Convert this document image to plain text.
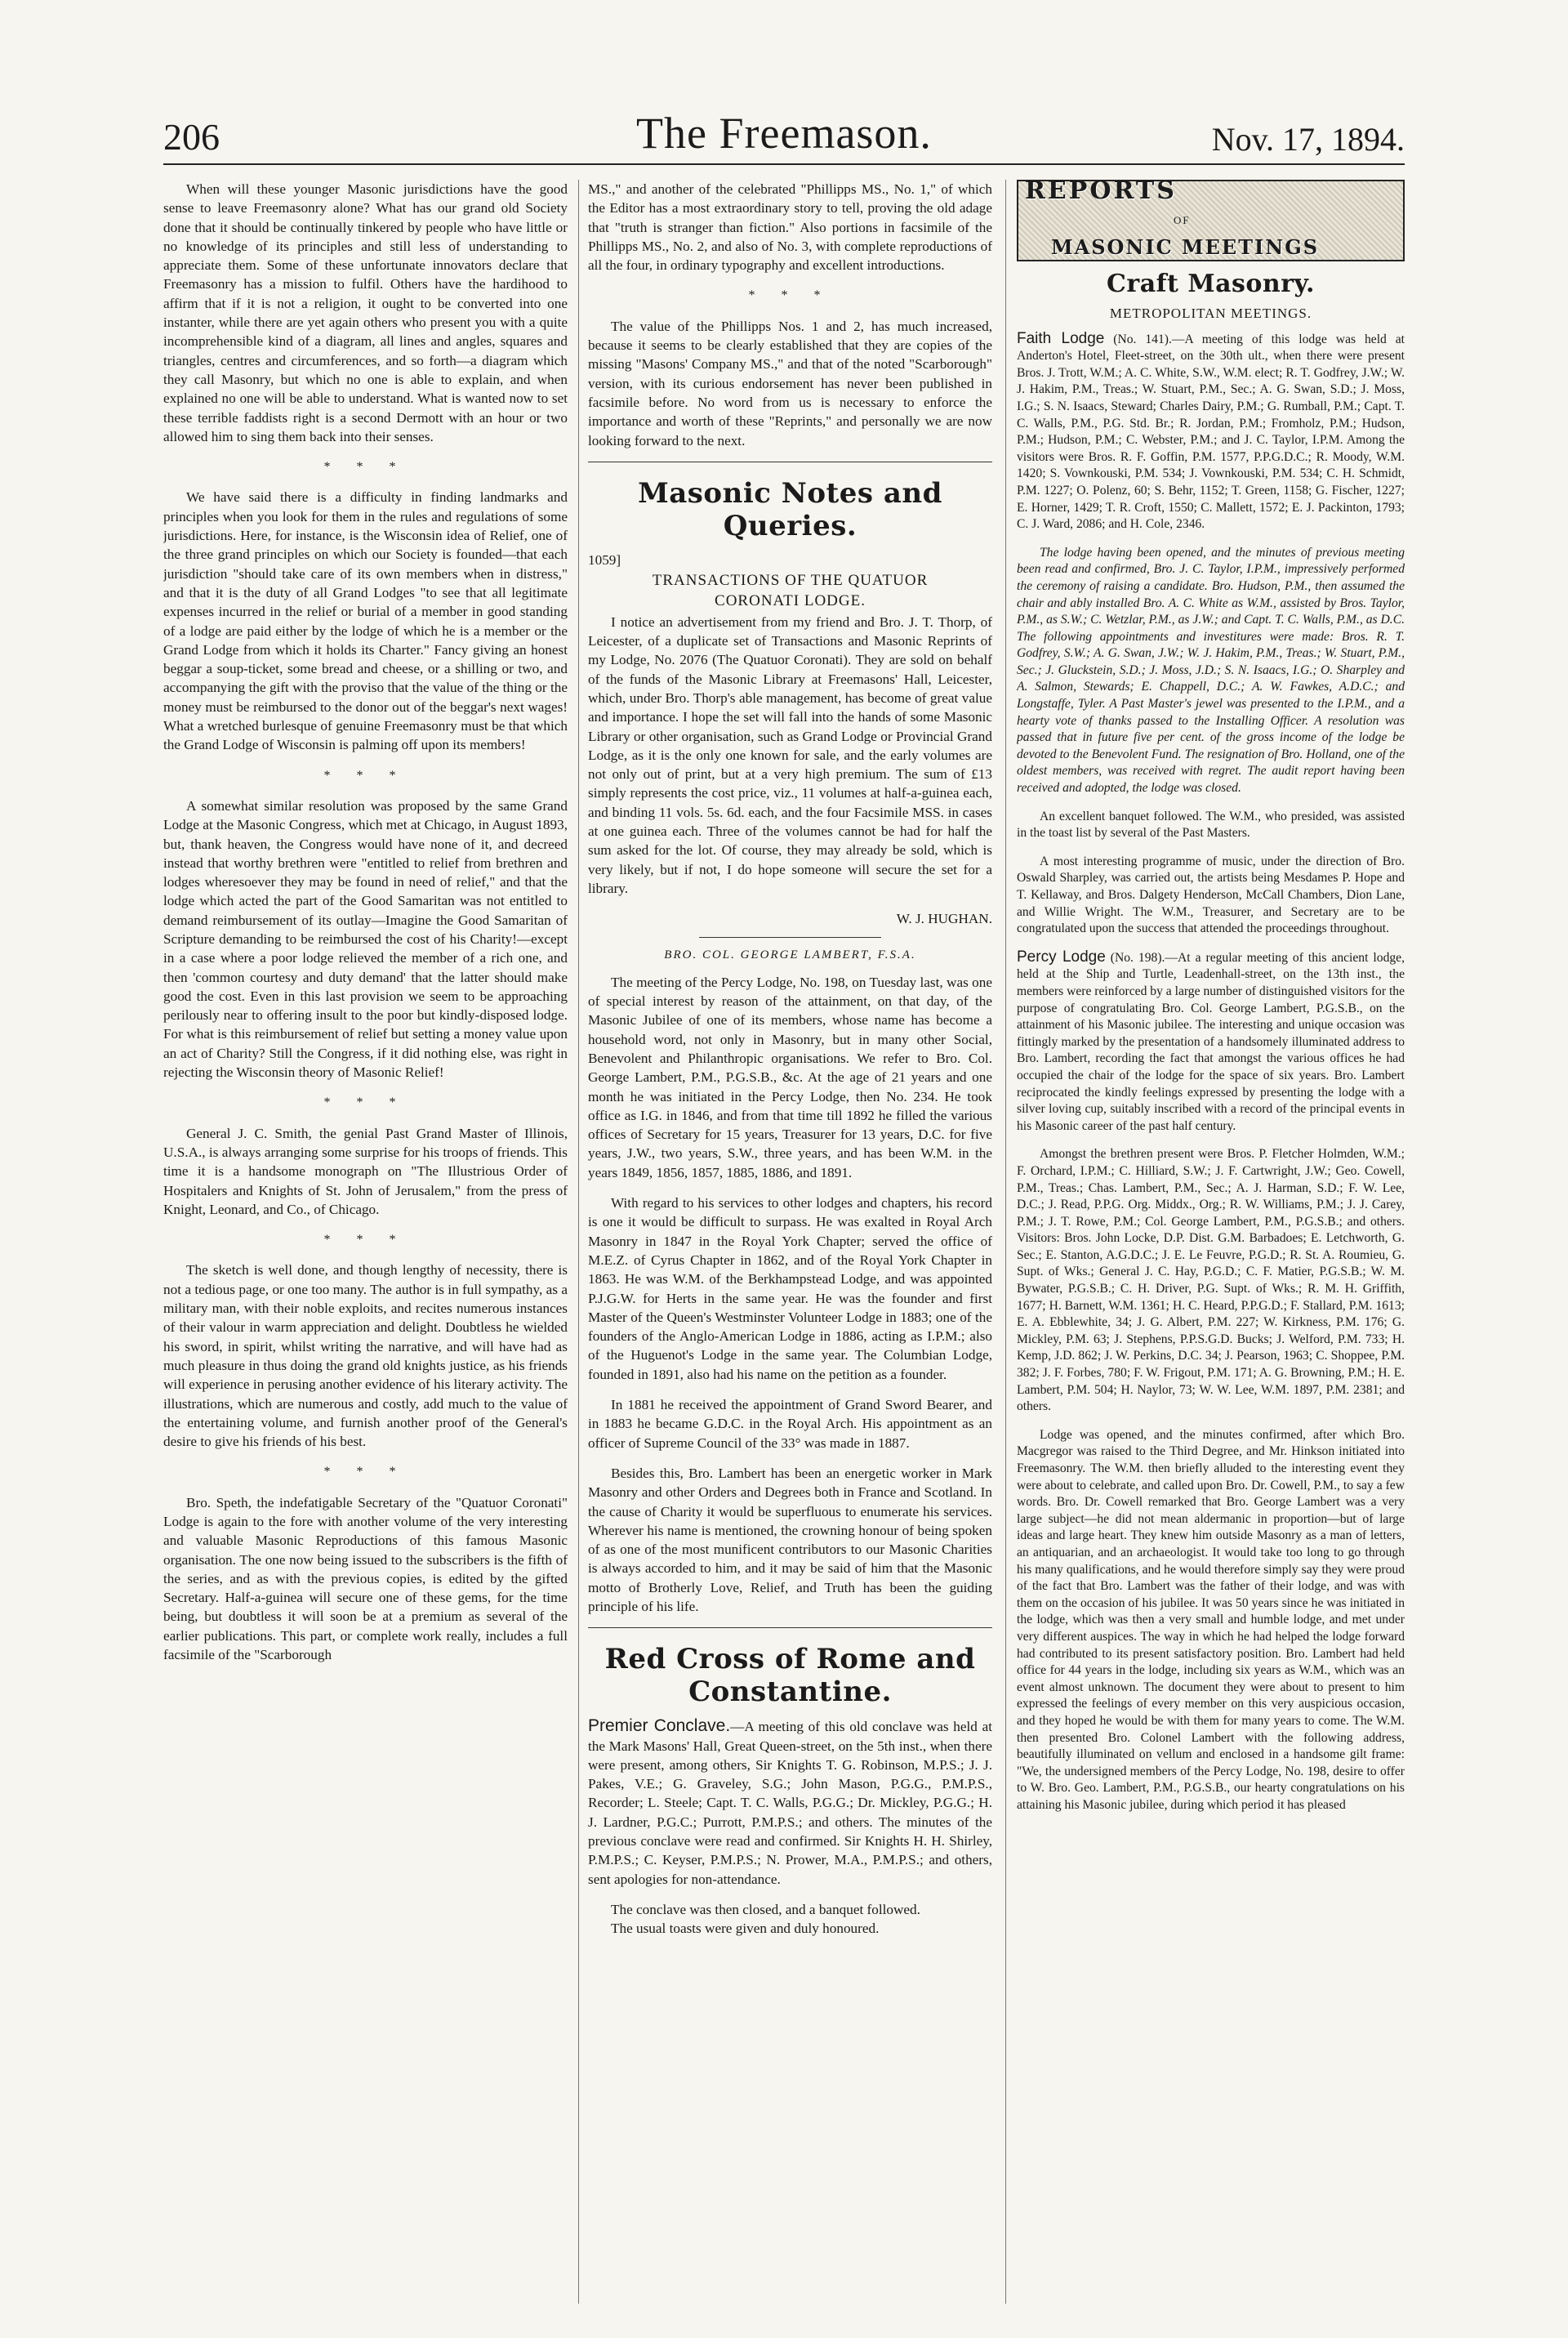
206	The Freemason.	Nov. 17, 1894.

When will these younger Masonic jurisdictions have the good sense to leave Freemasonry alone? What has our grand old Society done that it should be continually tinkered by people who have little or no knowledge of its principles and still less of understanding to appreciate them. Some of these unfortunate innovators declare that Freemasonry has a mission to fulfil. Others have the hardihood to affirm that if it is not a religion, it ought to be converted into one instanter, while there are yet again others who present you with a quite incomprehensible kind of a diagram, all lines and angles, squares and triangles, centres and circumferences, and so forth—a diagram which they call Masonry, but which no one is able to explain, and when explained no one will be able to understand. What is wanted now to set these terrible faddists right is a second Dermott with an hour or two allowed him to sing them back into their senses.

* * *

We have said there is a difficulty in finding landmarks and principles when you look for them in the rules and regulations of some jurisdictions. Here, for instance, is the Wisconsin idea of Relief, one of the three grand principles on which our Society is founded—that each jurisdiction "should take care of its own members when in distress," and that it is the duty of all Grand Lodges "to see that all legitimate expenses incurred in the relief or burial of a member in good standing of a lodge are paid either by the lodge of which he is a member or the Grand Lodge from which it holds its Charter." Fancy giving an honest beggar a soup-ticket, some bread and cheese, or a shilling or two, and accompanying the gift with the proviso that the value of the thing or the money must be reimbursed to the donor out of the beggar's next wages! What a wretched burlesque of genuine Freemasonry must be that which the Grand Lodge of Wisconsin is palming off upon its members!

* * *

A somewhat similar resolution was proposed by the same Grand Lodge at the Masonic Congress, which met at Chicago, in August 1893, but, thank heaven, the Congress would have none of it, and decreed instead that worthy brethren were "entitled to relief from brethren and lodges wheresoever they may be found in need of relief," and that the lodge which acted the part of the Good Samaritan was not entitled to demand reimbursement of its outlay—Imagine the Good Samaritan of Scripture demanding to be reimbursed the cost of his Charity!—except in a case where a poor lodge relieved the member of a rich one, and then 'common courtesy and duty demand' that the latter should make good the cost. Even in this last provision we seem to be approaching perilously near to offering insult to the poor but kindly-disposed lodge. For what is this reimbursement of relief but setting a money value upon an act of Charity? Still the Congress, if it did nothing else, was right in rejecting the Wisconsin theory of Masonic Relief!

* * *

General J. C. Smith, the genial Past Grand Master of Illinois, U.S.A., is always arranging some surprise for his troops of friends. This time it is a handsome monograph on "The Illustrious Order of Hospitalers and Knights of St. John of Jerusalem," from the press of Knight, Leonard, and Co., of Chicago.

* * *

The sketch is well done, and though lengthy of necessity, there is not a tedious page, or one too many. The author is in full sympathy, as a military man, with their noble exploits, and recites numerous instances of their valour in warm appreciation and delight. Doubtless he wielded his sword, in spirit, whilst writing the narrative, and will have had as much pleasure in thus doing the grand old knights justice, as his friends will experience in perusing another evidence of his literary activity. The illustrations, which are numerous and costly, add much to the value of the entertaining volume, and furnish another proof of the General's desire to give his friends of his best.

* * *

Bro. Speth, the indefatigable Secretary of the "Quatuor Coronati" Lodge is again to the fore with another volume of the very interesting and valuable Masonic Reproductions of this famous Masonic organisation. The one now being issued to the subscribers is the fifth of the series, and as with the previous copies, is edited by the gifted Secretary. Half-a-guinea will secure one of these gems, for the time being, but doubtless it will soon be at a premium as several of the earlier publications. This part, or complete work really, includes a full facsimile of the "Scarborough

MS.," and another of the celebrated "Phillipps MS., No. 1," of which the Editor has a most extraordinary story to tell, proving the old adage that "truth is stranger than fiction." Also portions in facsimile of the Phillipps MS., No. 2, and also of No. 3, with complete reproductions of all the four, in ordinary typography and excellent introductions.

* * *

The value of the Phillipps Nos. 1 and 2, has much increased, because it seems to be clearly established that they are copies of the missing "Masons' Company MS.," and that of the noted "Scarborough" version, with its curious endorsement has never been published in facsimile before. No word from us is necessary to enforce the importance and worth of these "Reprints," and personally we are now looking forward to the next.

Masonic Notes and Queries.
1059]
TRANSACTIONS OF THE QUATUOR
CORONATI LODGE.

I notice an advertisement from my friend and Bro. J. T. Thorp, of Leicester, of a duplicate set of Transactions and Masonic Reprints of my Lodge, No. 2076 (The Quatuor Coronati). They are sold on behalf of the funds of the Masonic Library at Freemasons' Hall, Leicester, which, under Bro. Thorp's able management, has become of great value and importance. I hope the set will fall into the hands of some Masonic Library or other organisation, such as Grand Lodge or Provincial Grand Lodge, as it is the only one known for sale, and the early volumes are not only out of print, but at a very high premium. The sum of £13 simply represents the cost price, viz., 11 volumes at half-a-guinea each, and binding 11 vols. 5s. 6d. each, and the four Facsimile MSS. in cases at one guinea each. Three of the volumes cannot be had for half the sum asked for the lot. Of course, they may already be sold, which is very likely, but if not, I do hope someone will secure the set for a library.

W. J. HUGHAN.
BRO. COL. GEORGE LAMBERT, F.S.A.

The meeting of the Percy Lodge, No. 198, on Tuesday last, was one of special interest by reason of the attainment, on that day, of the Masonic Jubilee of one of its members, whose name has become a household word, not only in Masonry, but in many other Social, Benevolent and Philanthropic organisations. We refer to Bro. Col. George Lambert, P.M., P.G.S.B., &c. At the age of 21 years and one month he was initiated in the Percy Lodge, then No. 234. He took office as I.G. in 1846, and from that time till 1892 he filled the various offices of Secretary for 15 years, Treasurer for 13 years, D.C. for five years, J.W., two years, S.W., three years, and has been W.M. in the years 1849, 1856, 1857, 1885, 1886, and 1891.

With regard to his services to other lodges and chapters, his record is one it would be difficult to surpass. He was exalted in Royal Arch Masonry in 1847 in the Royal York Chapter; served the office of M.E.Z. of Cyrus Chapter in 1862, and of the Royal York Chapter in 1863. He was W.M. of the Berkhampstead Lodge, and was appointed P.J.G.W. for Herts in the same year. He was the founder and first Master of the Queen's Westminster Volunteer Lodge in 1883; one of the founders of the Anglo-American Lodge in 1886, acting as I.P.M.; also of the Huguenot's Lodge in the same year. The Columbian Lodge, founded in 1891, also had his name on the petition as a founder.

In 1881 he received the appointment of Grand Sword Bearer, and in 1883 he became G.D.C. in the Royal Arch. His appointment as an officer of Supreme Council of the 33° was made in 1887.

Besides this, Bro. Lambert has been an energetic worker in Mark Masonry and other Orders and Degrees both in France and Scotland. In the cause of Charity it would be superfluous to enumerate his services. Wherever his name is mentioned, the crowning honour of being spoken of as one of the most munificent contributors to our Masonic Charities is always accorded to him, and it may be said of him that the Masonic motto of Brotherly Love, Relief, and Truth has been the guiding principle of his life.

Red Cross of Rome and
Constantine.

Premier Conclave.—A meeting of this old conclave was held at the Mark Masons' Hall, Great Queen-street, on the 5th inst., when there were present, among others, Sir Knights T. G. Robinson, M.P.S.; J. J. Pakes, V.E.; G. Graveley, S.G.; John Mason, P.G.G., P.M.P.S., Recorder; L. Steele; Capt. T. C. Walls, P.G.G.; Dr. Mickley, P.G.G.; H. J. Lardner, P.G.C.; Purrott, P.M.P.S.; and others. The minutes of the previous conclave were read and confirmed. Sir Knights H. H. Shirley, P.M.P.S.; C. Keyser, P.M.P.S.; N. Prower, M.A., P.M.P.S.; and others, sent apologies for non-attendance.

The conclave was then closed, and a banquet followed.
The usual toasts were given and duly honoured.
REPORTS
OF
MASONIC MEETINGS
Craft Masonry.
METROPOLITAN MEETINGS.

Faith Lodge (No. 141).—A meeting of this lodge was held at Anderton's Hotel, Fleet-street, on the 30th ult., when there were present Bros. J. Trott, W.M.; A. C. White, S.W., W.M. elect; R. T. Godfrey, J.W.; W. J. Hakim, P.M., Treas.; W. Stuart, P.M., Sec.; A. G. Swan, S.D.; J. Moss, I.G.; S. N. Isaacs, Steward; Charles Dairy, P.M.; G. Rumball, P.M.; Capt. T. C. Walls, P.M., P.G. Std. Br.; R. Jordan, P.M.; Fromholz, P.M.; Hudson, P.M.; Hudson, P.M.; C. Webster, P.M.; and J. C. Taylor, I.P.M. Among the visitors were Bros. R. F. Goffin, P.M. 1577, P.P.G.D.C.; R. Moody, W.M. 1420; S. Vownkouski, P.M. 534; J. Vownkouski, P.M. 534; C. H. Schmidt, P.M. 1227; O. Polenz, 60; S. Behr, 1152; T. Green, 1158; G. Fischer, 1227; E. Horner, 1429; T. R. Croft, 1550; C. Mallett, 1572; E. J. Packinton, 1793; C. J. Ward, 2086; and H. Cole, 2346.

The lodge having been opened, and the minutes of previous meeting been read and confirmed, Bro. J. C. Taylor, I.P.M., impressively performed the ceremony of raising a candidate. Bro. Hudson, P.M., then assumed the chair and ably installed Bro. A. C. White as W.M., assisted by Bros. Taylor, P.M., as S.W.; C. Wetzlar, P.M., as J.W.; and Capt. T. C. Walls, P.M., as D.C. The following appointments and investitures were made: Bros. R. T. Godfrey, S.W.; A. G. Swan, J.W.; W. J. Hakim, P.M., Treas.; W. Stuart, P.M., Sec.; J. Gluckstein, S.D.; J. Moss, J.D.; S. N. Isaacs, I.G.; O. Sharpley and A. Salmon, Stewards; E. Chappell, D.C.; A. W. Fawkes, A.D.C.; and Longstaffe, Tyler. A Past Master's jewel was presented to the I.P.M., and a hearty vote of thanks passed to the Installing Officer. A resolution was passed that in future five per cent. of the gross income of the lodge be devoted to the Benevolent Fund. The resignation of Bro. Holland, one of the oldest members, was received with regret. The audit report having been received and adopted, the lodge was closed.

An excellent banquet followed. The W.M., who presided, was assisted in the toast list by several of the Past Masters.

A most interesting programme of music, under the direction of Bro. Oswald Sharpley, was carried out, the artists being Mesdames P. Hope and T. Kellaway, and Bros. Dalgety Henderson, McCall Chambers, Dion Lane, and Willie Wright. The W.M., Treasurer, and Secretary are to be congratulated upon the success that attended the proceedings throughout.

Percy Lodge (No. 198).—At a regular meeting of this ancient lodge, held at the Ship and Turtle, Leadenhall-street, on the 13th inst., the members were reinforced by a large number of distinguished visitors for the purpose of congratulating Bro. Col. George Lambert, P.G.S.B., on the attainment of his Masonic jubilee. The interesting and unique occasion was fittingly marked by the presentation of a handsomely illuminated address to Bro. Lambert, recording the fact that amongst the various offices he had occupied the chair of the lodge for the space of six years. Bro. Lambert reciprocated the kindly feelings expressed by presenting the lodge with a silver loving cup, suitably inscribed with a record of the principal events in his Masonic career of the past half century.

Amongst the brethren present were Bros. P. Fletcher Holmden, W.M.; F. Orchard, I.P.M.; C. Hilliard, S.W.; J. F. Cartwright, J.W.; Geo. Cowell, P.M., Treas.; Chas. Lambert, P.M., Sec.; A. J. Harman, S.D.; F. W. Lee, D.C.; J. Read, P.P.G. Org. Middx., Org.; R. W. Williams, P.M.; J. J. Carey, P.M.; J. T. Rowe, P.M.; Col. George Lambert, P.M., P.G.S.B.; and others. Visitors: Bros. John Locke, D.P. Dist. G.M. Barbadoes; E. Letchworth, G. Sec.; E. Stanton, A.G.D.C.; J. E. Le Feuvre, P.G.D.; R. St. A. Roumieu, G. Supt. of Wks.; General J. C. Hay, P.G.D.; C. F. Matier, P.G.S.B.; W. M. Bywater, P.G.S.B.; C. H. Driver, P.G. Supt. of Wks.; R. M. H. Griffith, 1677; H. Barnett, W.M. 1361; H. C. Heard, P.P.G.D.; F. Stallard, P.M. 1613; E. A. Ebblewhite, 34; J. G. Albert, P.M. 227; W. Kirkness, P.M. 176; G. Mickley, P.M. 63; J. Stephens, P.P.S.G.D. Bucks; J. Welford, P.M. 733; H. Kemp, J.D. 862; J. W. Perkins, D.C. 34; J. Pearson, 1963; C. Shoppee, P.M. 382; J. F. Forbes, 780; F. W. Frigout, P.M. 171; A. G. Browning, P.M.; H. E. Lambert, P.M. 504; H. Naylor, 73; W. W. Lee, W.M. 1897, P.M. 2381; and others.

Lodge was opened, and the minutes confirmed, after which Bro. Macgregor was raised to the Third Degree, and Mr. Hinkson initiated into Freemasonry. The W.M. then briefly alluded to the interesting event they were about to celebrate, and called upon Bro. Dr. Cowell, P.M., to say a few words. Bro. Dr. Cowell remarked that Bro. George Lambert was a very large subject—he did not mean aldermanic in proportion—but of large ideas and large heart. They knew him outside Masonry as a man of letters, an antiquarian, and an archaeologist. It would take too long to go through his many qualifications, and he would therefore simply say they were proud of the fact that Bro. Lambert was the father of their lodge, and was with them on the occasion of his jubilee. It was 50 years since he was initiated in the lodge, which was then a very small and humble lodge, and met under very different auspices. The way in which he had helped the lodge forward had contributed to its present satisfactory position. Bro. Lambert had held office for 44 years in the lodge, including six years as W.M., which was an event almost unknown. The document they were about to present to him expressed the feelings of every member on this very auspicious occasion, and they hoped he would be with them for many years to come. The W.M. then presented Bro. Colonel Lambert with the following address, beautifully illuminated on vellum and enclosed in a handsome gilt frame: "We, the undersigned members of the Percy Lodge, No. 198, desire to offer to W. Bro. Geo. Lambert, P.M., P.G.S.B., our hearty congratulations on his attaining his Masonic jubilee, during which period it has pleased
